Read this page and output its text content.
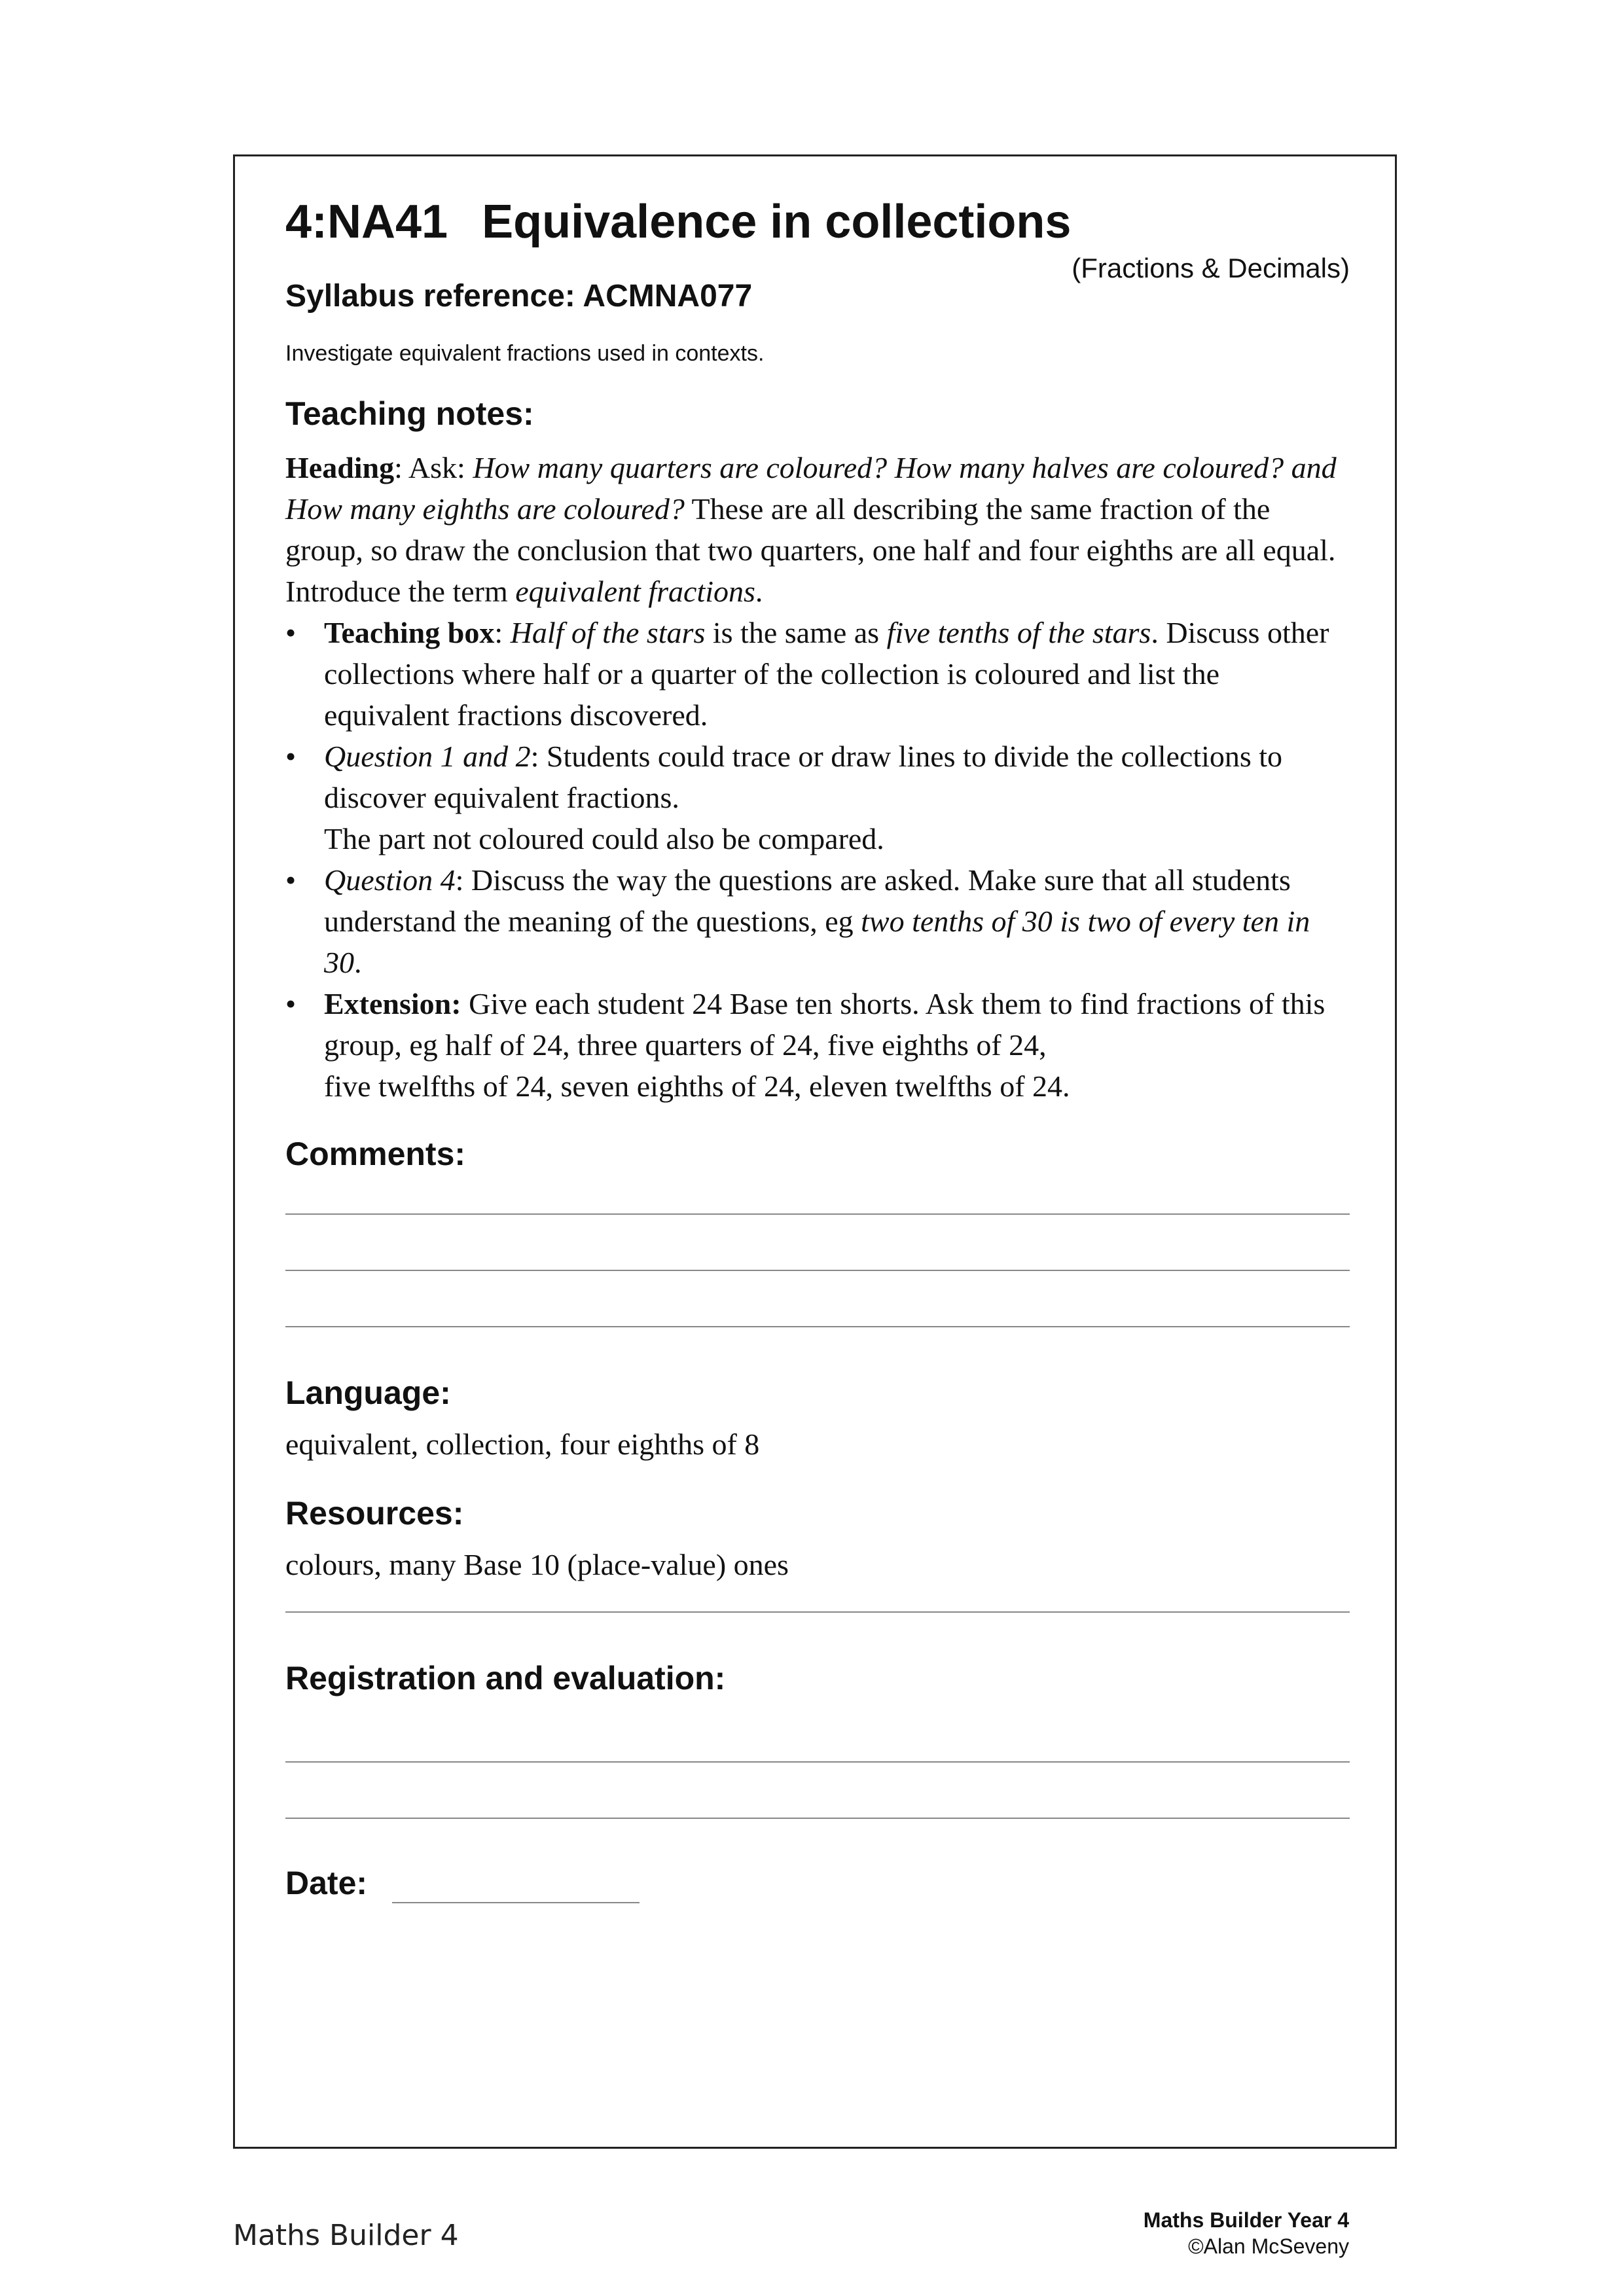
4:NA41 Equivalence in collections
(Fractions & Decimals)
Syllabus reference: ACMNA077
Investigate equivalent fractions used in contexts.
Teaching notes:
Heading: Ask: How many quarters are coloured? How many halves are coloured? and How many eighths are coloured? These are all describing the same fraction of the group, so draw the conclusion that two quarters, one half and four eighths are all equal. Introduce the term equivalent fractions.
• Teaching box: Half of the stars is the same as five tenths of the stars. Discuss other collections where half or a quarter of the collection is coloured and list the equivalent fractions discovered.
• Question 1 and 2: Students could trace or draw lines to divide the collections to discover equivalent fractions.
The part not coloured could also be compared.
• Question 4: Discuss the way the questions are asked. Make sure that all students understand the meaning of the questions, eg two tenths of 30 is two of every ten in 30.
• Extension: Give each student 24 Base ten shorts. Ask them to find fractions of this group, eg half of 24, three quarters of 24, five eighths of 24,
five twelfths of 24, seven eighths of 24, eleven twelfths of 24.
Comments:
Language:
equivalent, collection, four eighths of 8
Resources:
colours, many Base 10 (place-value) ones
Registration and evaluation:
Date:
Maths Builder 4	Maths Builder Year 4
©Alan McSeveny
